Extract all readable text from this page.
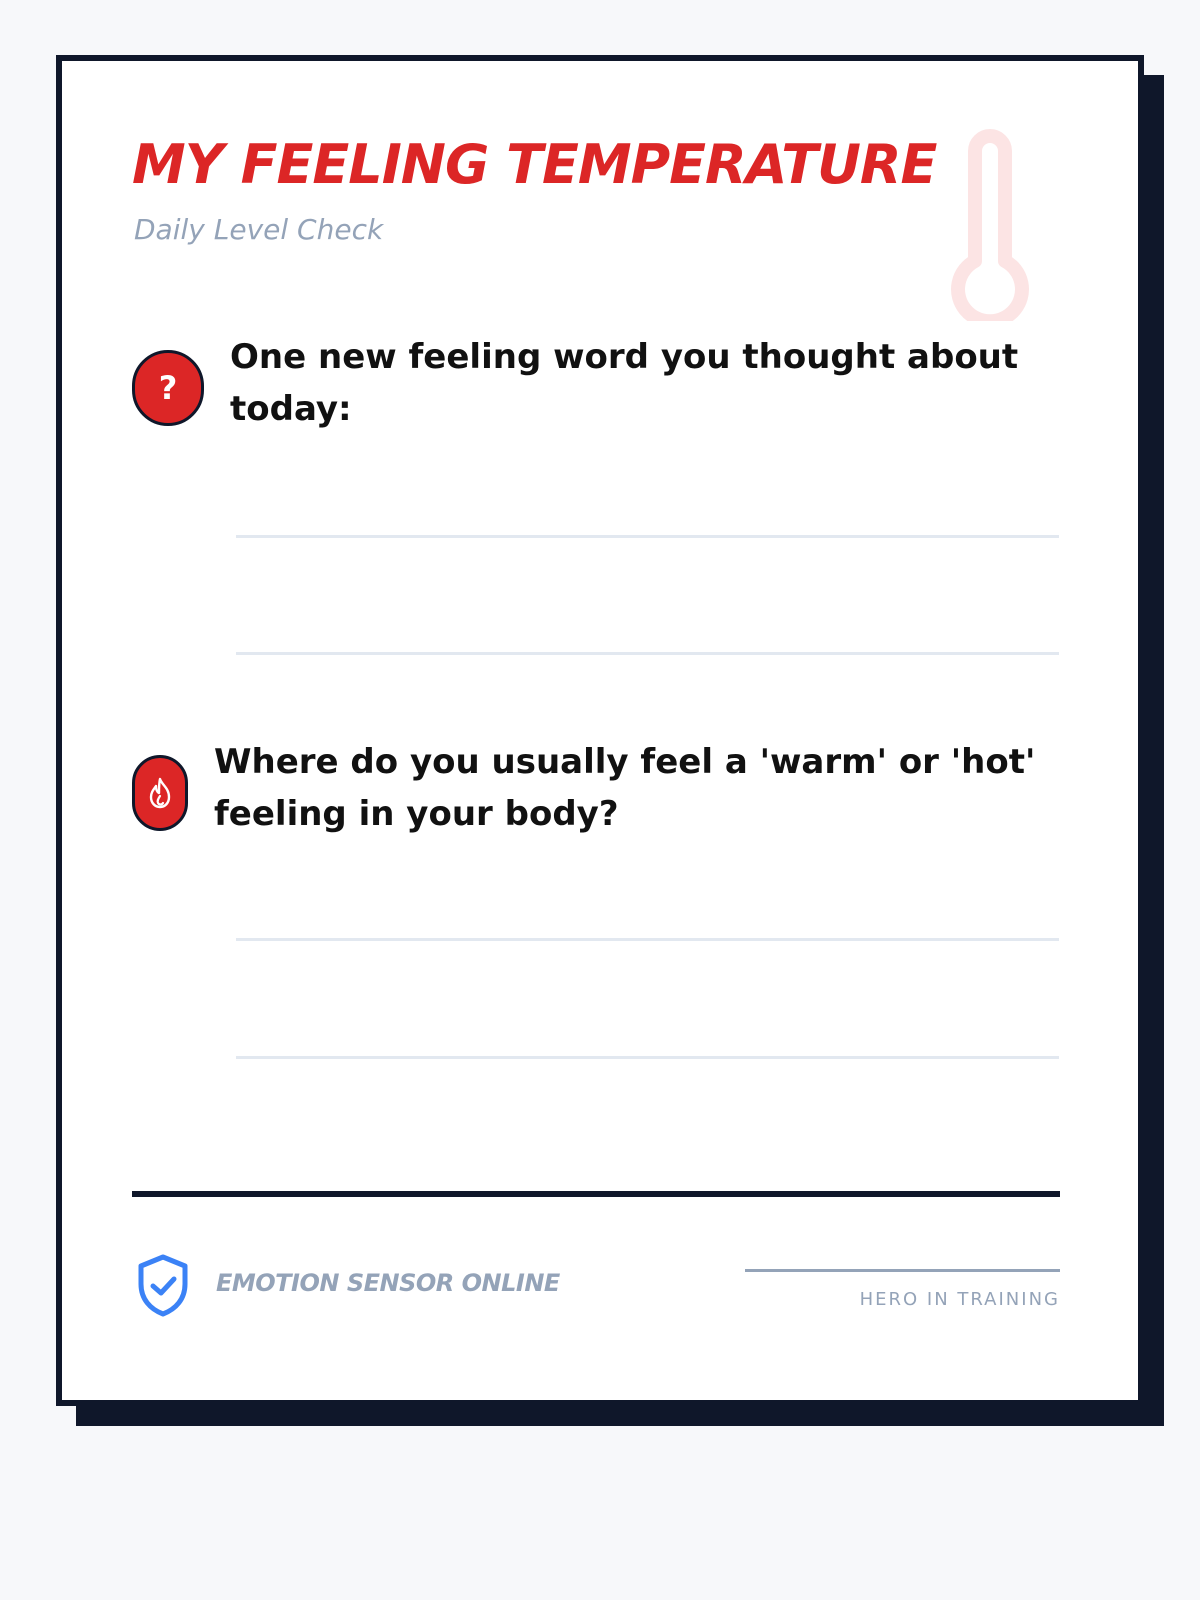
MY FEELING TEMPERATURE
Daily Level Check
?

One new feeling word you thought about today:

Where do you usually feel a 'warm' or 'hot' feeling in your body?

EMOTION SENSOR ONLINE
HERO IN TRAINING
